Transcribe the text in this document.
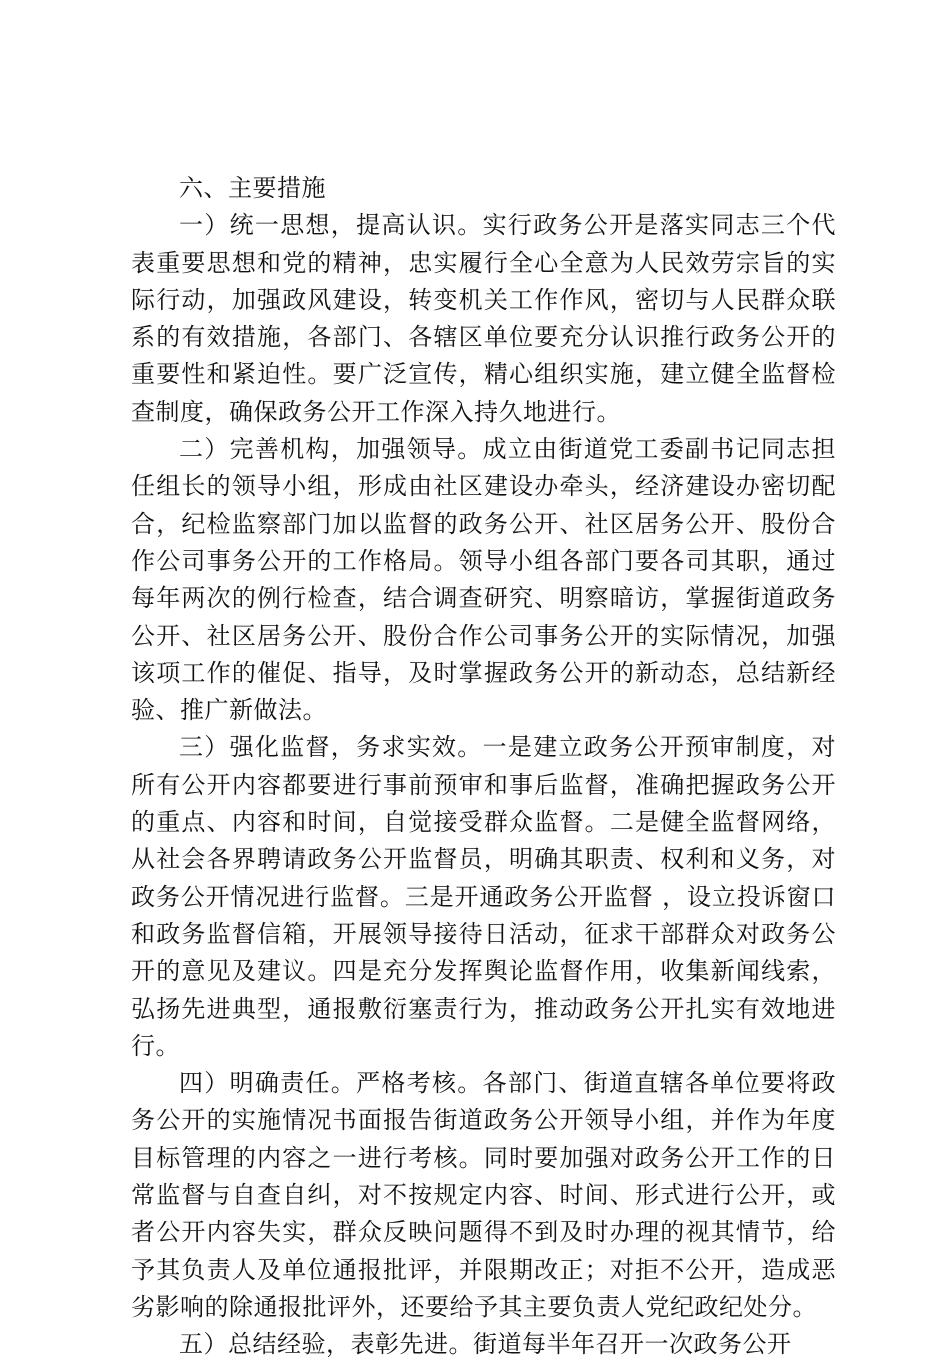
六、主要措施

一）统一思想，提高认识。实行政务公开是落实同志三个代表重要思想和党的精神，忠实履行全心全意为人民效劳宗旨的实际行动，加强政风建设，转变机关工作作风，密切与人民群众联系的有效措施，各部门、各辖区单位要充分认识推行政务公开的重要性和紧迫性。要广泛宣传，精心组织实施，建立健全监督检查制度，确保政务公开工作深入持久地进行。

二）完善机构，加强领导。成立由街道党工委副书记同志担任组长的领导小组，形成由社区建设办牵头，经济建设办密切配合，纪检监察部门加以监督的政务公开、社区居务公开、股份合作公司事务公开的工作格局。领导小组各部门要各司其职，通过每年两次的例行检查，结合调查研究、明察暗访，掌握街道政务公开、社区居务公开、股份合作公司事务公开的实际情况，加强该项工作的催促、指导，及时掌握政务公开的新动态，总结新经验、推广新做法。

三）强化监督，务求实效。一是建立政务公开预审制度，对所有公开内容都要进行事前预审和事后监督，准确把握政务公开的重点、内容和时间，自觉接受群众监督。二是健全监督网络，从社会各界聘请政务公开监督员，明确其职责、权利和义务，对政务公开情况进行监督。三是开通政务公开监督 ，设立投诉窗口和政务监督信箱，开展领导接待日活动，征求干部群众对政务公开的意见及建议。四是充分发挥舆论监督作用，收集新闻线索，弘扬先进典型，通报敷衍塞责行为，推动政务公开扎实有效地进行。

四）明确责任。严格考核。各部门、街道直辖各单位要将政务公开的实施情况书面报告街道政务公开领导小组，并作为年度目标管理的内容之一进行考核。同时要加强对政务公开工作的日常监督与自查自纠，对不按规定内容、时间、形式进行公开，或者公开内容失实，群众反映问题得不到及时办理的视其情节，给予其负责人及单位通报批评，并限期改正；对拒不公开，造成恶劣影响的除通报批评外，还要给予其主要负责人党纪政纪处分。

五）总结经验，表彰先进。街道每半年召开一次政务公开
